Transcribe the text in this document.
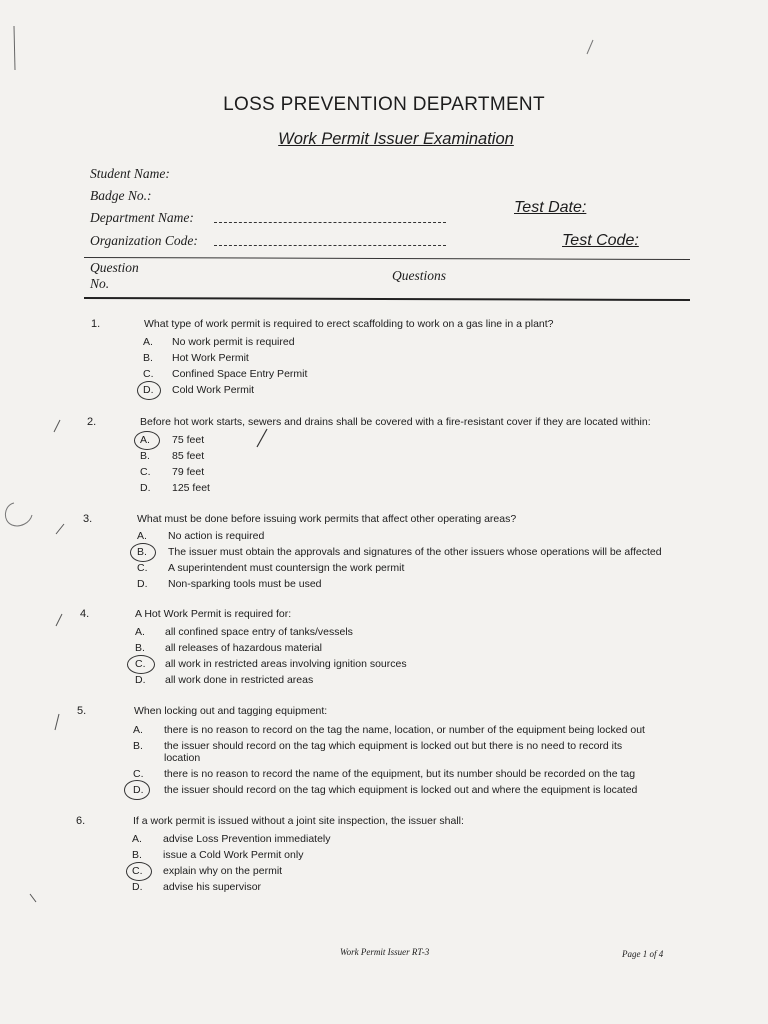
LOSS PREVENTION DEPARTMENT
Work Permit Issuer Examination
Student Name:
Badge No.:
Department Name:
Organization Code:
Test Date:
Test Code:
Question
No.
Questions
1.	What type of work permit is required to erect scaffolding to work on a gas line in a plant?
A. No work permit is required
B. Hot Work Permit
C. Confined Space Entry Permit
D. Cold Work Permit
2.	Before hot work starts, sewers and drains shall be covered with a fire-resistant cover if they are located within:
A. 75 feet
B. 85 feet
C. 79 feet
D. 125 feet
3.	What must be done before issuing work permits that affect other operating areas?
A. No action is required
B. The issuer must obtain the approvals and signatures of the other issuers whose operations will be affected
C. A superintendent must countersign the work permit
D. Non-sparking tools must be used
4.	A Hot Work Permit is required for:
A. all confined space entry of tanks/vessels
B. all releases of hazardous material
C. all work in restricted areas involving ignition sources
D. all work done in restricted areas
5.	When locking out and tagging equipment:
A. there is no reason to record on the tag the name, location, or number of the equipment being locked out
B. the issuer should record on the tag which equipment is locked out but there is no need to record its location
C. there is no reason to record the name of the equipment, but its number should be recorded on the tag
D. the issuer should record on the tag which equipment is locked out and where the equipment is located
6.	If a work permit is issued without a joint site inspection, the issuer shall:
A. advise Loss Prevention immediately
B. issue a Cold Work Permit only
C. explain why on the permit
D. advise his supervisor
Work Permit Issuer RT-3	Page 1 of 4
